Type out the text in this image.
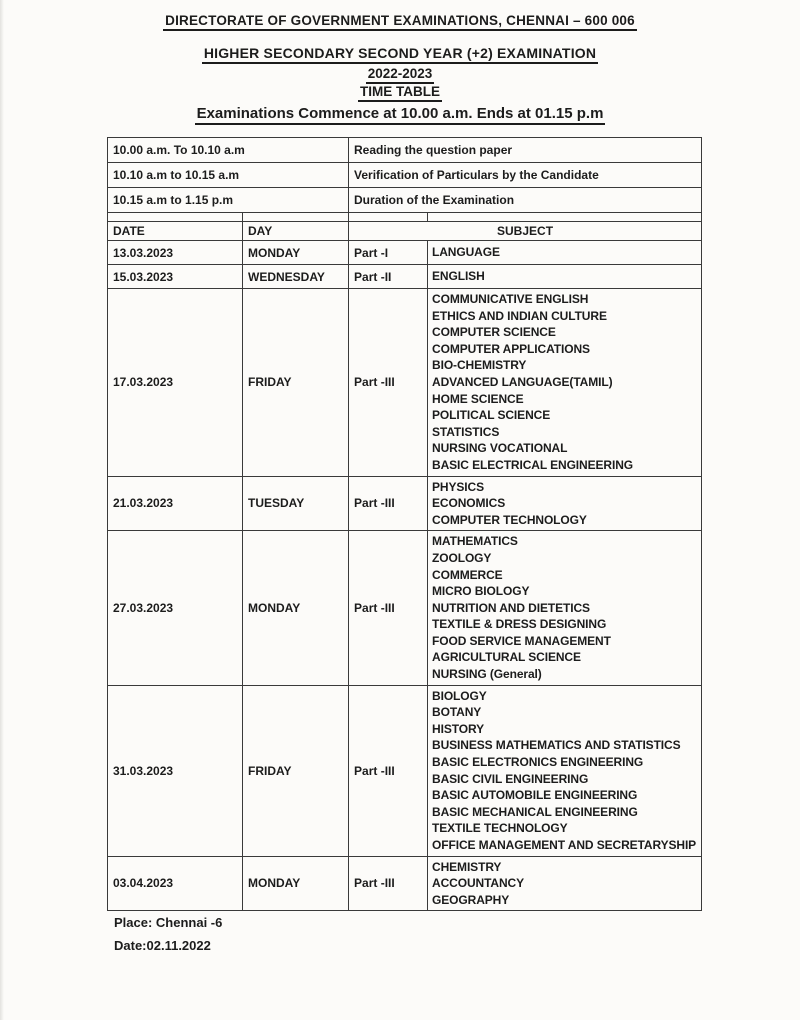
DIRECTORATE OF GOVERNMENT EXAMINATIONS, CHENNAI – 600 006
HIGHER SECONDARY SECOND YEAR (+2) EXAMINATION
2022-2023
TIME TABLE
Examinations Commence at 10.00 a.m. Ends at 01.15 p.m
10.00 a.m. To 10.10 a.m		Reading the question paper	
10.10 a.m to 10.15 a.m		Verification of Particulars by the Candidate	
10.15 a.m to 1.15 p.m		Duration of the Examination	

DATE	DAY	SUBJECT	
13.03.2023	MONDAY	Part -I	LANGUAGE

15.03.2023	WEDNESDAY	Part -II	ENGLISH

17.03.2023	FRIDAY	Part -III	
COMMUNICATIVE ENGLISH
ETHICS AND INDIAN CULTURE
COMPUTER SCIENCE
COMPUTER APPLICATIONS
BIO-CHEMISTRY
ADVANCED LANGUAGE(TAMIL)
HOME SCIENCE
POLITICAL SCIENCE
STATISTICS
NURSING VOCATIONAL
BASIC ELECTRICAL ENGINEERING

21.03.2023	TUESDAY	Part -III	PHYSICS
ECONOMICS
COMPUTER TECHNOLOGY

27.03.2023	MONDAY	Part -III	
MATHEMATICS
ZOOLOGY
COMMERCE
MICRO BIOLOGY
NUTRITION AND DIETETICS
TEXTILE & DRESS DESIGNING
FOOD SERVICE MANAGEMENT
AGRICULTURAL SCIENCE
NURSING (General)

31.03.2023	FRIDAY	Part -III	
BIOLOGY
BOTANY
HISTORY
BUSINESS MATHEMATICS AND STATISTICS
BASIC ELECTRONICS ENGINEERING
BASIC CIVIL ENGINEERING
BASIC AUTOMOBILE ENGINEERING
BASIC MECHANICAL ENGINEERING
TEXTILE TECHNOLOGY
OFFICE MANAGEMENT AND SECRETARYSHIP

03.04.2023	MONDAY	Part -III	CHEMISTRY
ACCOUNTANCY
GEOGRAPHY
Place: Chennai -6
Date:02.11.2022
